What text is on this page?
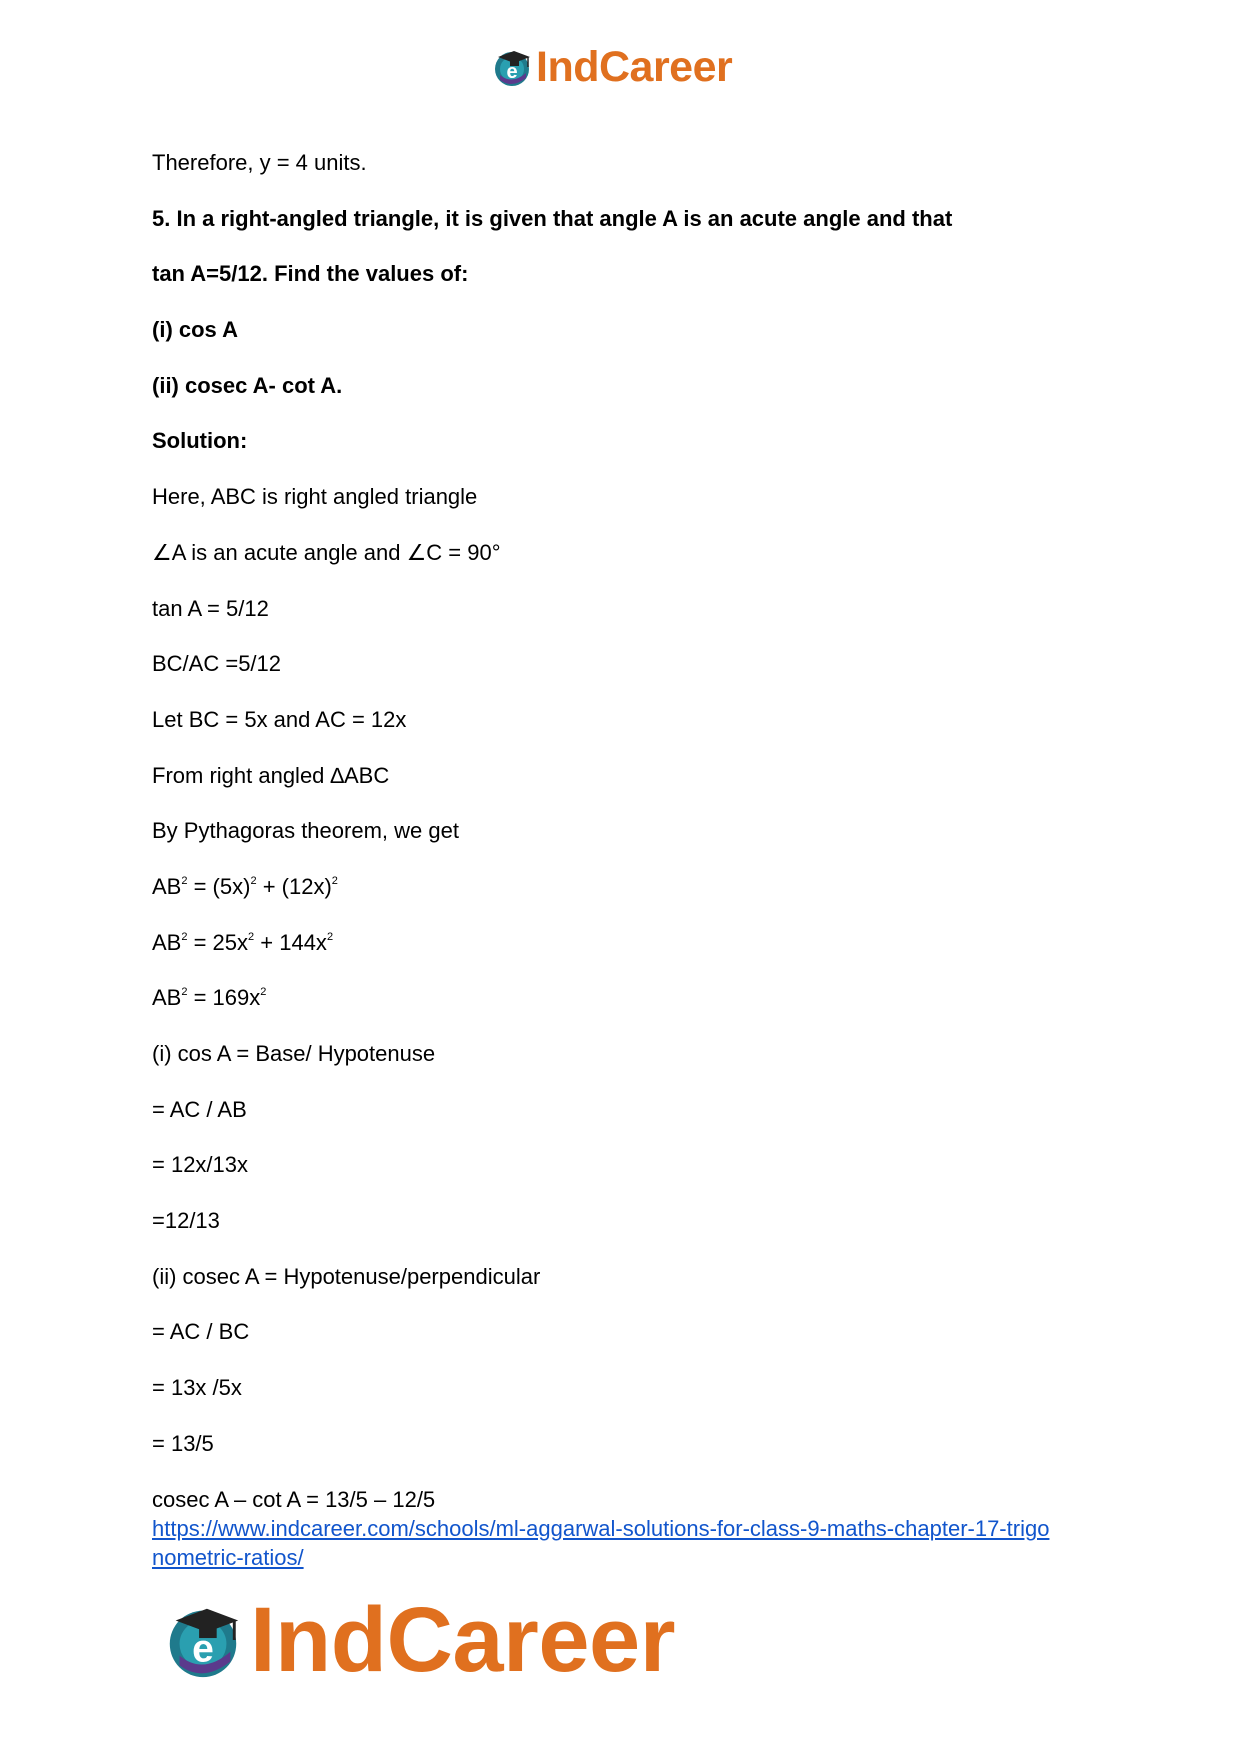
e IndCareer
Therefore, y = 4 units.
5. In a right-angled triangle, it is given that angle A is an acute angle and that
tan A=5/12. Find the values of:
(i) cos A
(ii) cosec A- cot A.
Solution:
Here, ABC is right angled triangle
∠A is an acute angle and ∠C = 90°
tan A = 5/12
BC/AC =5/12
Let BC = 5x and AC = 12x
From right angled ∆ABC
By Pythagoras theorem, we get
$AB^2 = (5x)^2 + (12x)^2$
$AB^2 = 25x^2 + 144x^2$
$AB^2 = 169x^2$
(i) cos A = Base/ Hypotenuse
= AC / AB
= 12x/13x
=12/13
(ii) cosec A = Hypotenuse/perpendicular
= AC / BC
= 13x /5x
= 13/5
cosec A – cot A = 13/5 – 12/5
https://www.indcareer.com/schools/ml-aggarwal-solutions-for-class-9-maths-chapter-17-trigo
nometric-ratios/
e IndCareer
